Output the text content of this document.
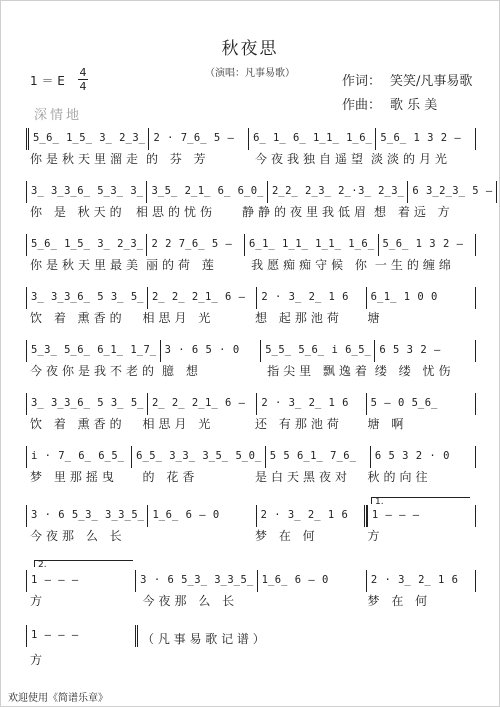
秋夜思
（演唱：凡事易歌）
1 ＝ E
4
4	作词： 笑笑/凡事易歌
作曲： 歌 乐 美
深情地
5̲6̲ 1̲5̲ 3̲ 2̲3̲ 2 · 7̲6̲ 5 –	6̲ 1̲ 6̲ 1̲1̲ 1̲6̲ 5̲6̲ 1 3 2 –
你是秋天里溜走 的 芬 芳	今夜我独自遥望 淡淡的月光
3̲ 3̲3̲6̲ 5̲3̲ 3̲ 3̲5̲ 2̲1̲ 6̲ 6̲0̲ 2̲2̲ 2̲3̲ 2̲·3̲ 2̲3̲ 6 3̲2̲3̲ 5 –
你 是 秋天的 相思的忧伤	静静的夜里我低眉 想 着远 方
5̲6̲ 1̲5̲ 3̲ 2̲3̲ 2 2 7̲6̲ 5 –	6̲1̲ 1̲1̲ 1̲1̲ 1̲6̲ 5̲6̲ 1 3 2 –
你是秋天里最美 丽的荷 莲	我愿痴痴守候 你 一生的缠绵
3̲ 3̲3̲6̲ 5 3̲ 5̲ 2̲ 2̲ 2̲1̲ 6 –	2 · 3̲ 2̲ 1 6	6̲1̲ 1 0 0
饮 着 熏香的	相思月 光	想 起那池荷	塘
5̲3̲ 5̲6̲ 6̲1̲ 1̲7̲ 3 · 6 5 · 0	5̲5̲ 5̲6̲ i 6̲5̲ 6 5 3 2 –
今夜你是我不老的 臆 想	指尖里 飘逸着 缕 缕 忧伤
3̲ 3̲3̲6̲ 5 3̲ 5̲ 2̲ 2̲ 2̲1̲ 6 –	2 · 3̲ 2̲ 1 6	5 – 0 5̲6̲
饮 着 熏香的	相思月 光	还 有那池荷	塘 啊
i · 7̲ 6̲ 6̲5̲	6̲5̲ 3̲3̲ 3̲5̲ 5̲0̲ 5 5 6̲1̲ 7̲6̲	6 5 3 2 · 0
梦 里那摇曳	的 花香	是白天黑夜对	秋的向往
1.
3 · 6 5̲3̲ 3̲3̲5̲ 1̲6̲ 6 – 0	2 · 3̲ 2̲ 1 6	1 – – –
今夜那 么 长	梦 在 何	方
2.
1 – – –	3 · 6 5̲3̲ 3̲3̲5̲ 1̲6̲ 6 – 0	2 · 3̲ 2̲ 1 6
方	今夜那 么 长	梦 在 何
1 – – –
方
（ 凡 事 易 歌 记 谱 ）
欢迎使用《简谱乐章》
